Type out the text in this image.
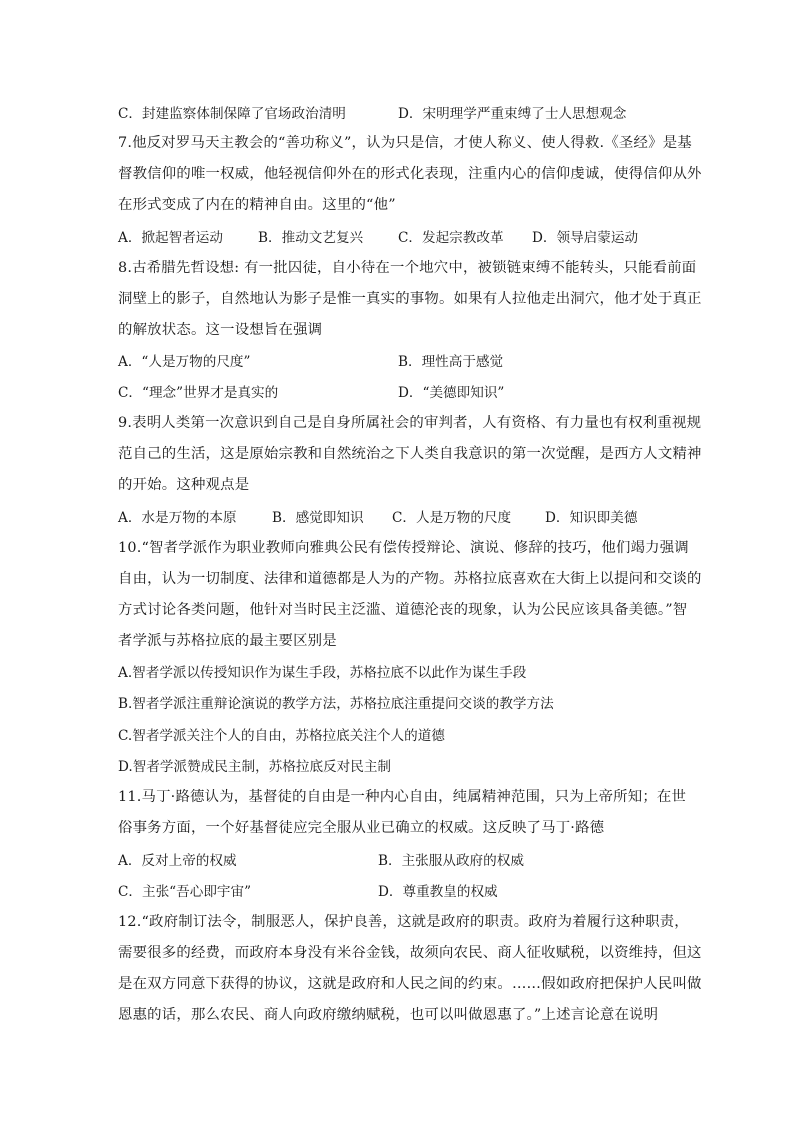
C．封建监察体制保障了官场政治清明	D．宋明理学严重束缚了士人思想观念
7.他反对罗马天主教会的“善功称义”，认为只是信，才使人称义、使人得救.《圣经》是基
督教信仰的唯一权威，他轻视信仰外在的形式化表现，注重内心的信仰虔诚，使得信仰从外
在形式变成了内在的精神自由。这里的“他”
A．掀起智者运动	B．推动文艺复兴	C．发起宗教改革 D．领导启蒙运动
8.古希腊先哲设想: 有一批囚徒，自小待在一个地穴中，被锁链束缚不能转头，只能看前面
洞壁上的影子，自然地认为影子是惟一真实的事物。如果有人拉他走出洞穴，他才处于真正
的解放状态。这一设想旨在强调
A．“人是万物的尺度”	B．理性高于感觉
C．“理念”世界才是真实的	D．“美德即知识”
9.表明人类第一次意识到自己是自身所属社会的审判者，人有资格、有力量也有权利重视规
范自己的生活，这是原始宗教和自然统治之下人类自我意识的第一次觉醒，是西方人文精神
的开始。这种观点是
A．水是万物的本原	B．感觉即知识 C．人是万物的尺度 D．知识即美德
10.“智者学派作为职业教师向雅典公民有偿传授辩论、演说、修辞的技巧，他们竭力强调
自由，认为一切制度、法律和道德都是人为的产物。苏格拉底喜欢在大街上以提问和交谈的
方式讨论各类问题，他针对当时民主泛滥、道德沦丧的现象，认为公民应该具备美德。”智
者学派与苏格拉底的最主要区别是
A.智者学派以传授知识作为谋生手段，苏格拉底不以此作为谋生手段
B.智者学派注重辩论演说的教学方法，苏格拉底注重提问交谈的教学方法
C.智者学派关注个人的自由，苏格拉底关注个人的道德
D.智者学派赞成民主制，苏格拉底反对民主制
11.马丁·路德认为，基督徒的自由是一种内心自由，纯属精神范围，只为上帝所知；在世
俗事务方面，一个好基督徒应完全服从业已确立的权威。这反映了马丁·路德
A．反对上帝的权威	B．主张服从政府的权威
C．主张“吾心即宇宙”	D．尊重教皇的权威
12.“政府制订法令，制服恶人，保护良善，这就是政府的职责。政府为着履行这种职责，
需要很多的经费，而政府本身没有米谷金钱，故须向农民、商人征收赋税，以资维持，但这
是在双方同意下获得的协议，这就是政府和人民之间的约束。……假如政府把保护人民叫做
恩惠的话，那么农民、商人向政府缴纳赋税，也可以叫做恩惠了。”上述言论意在说明
